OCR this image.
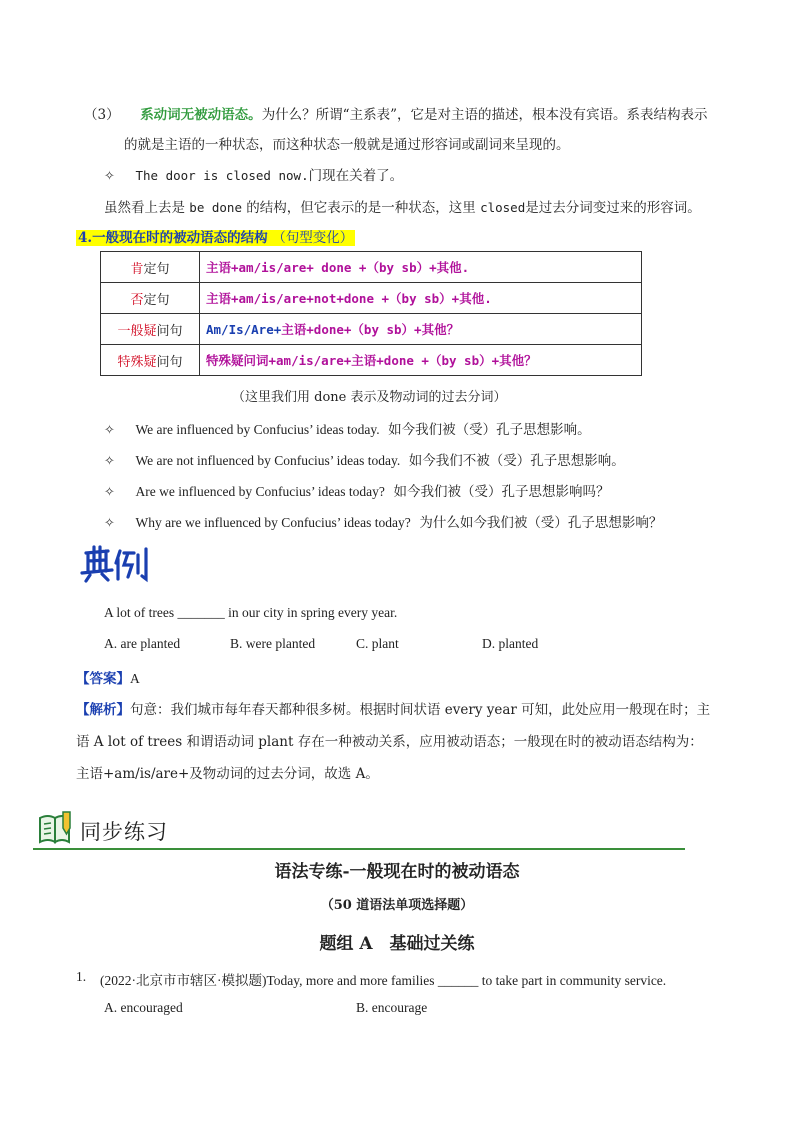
（3） 系动词无被动语态。为什么？所谓“主系表”，它是对主语的描述，根本没有宾语。系表结构表示
的就是主语的一种状态，而这种状态一般就是通过形容词或副词来呈现的。
✧ The door is closed now.门现在关着了。
虽然看上去是 be done 的结构，但它表示的是一种状态，这里 closed是过去分词变过来的形容词。
4.一般现在时的被动语态的结构 （句型变化）
肯定句	主语+am/is/are+ done +（by sb）+其他.
否定句	主语+am/is/are+not+done +（by sb）+其他.
一般疑问句	Am/Is/Are+主语+done+（by sb）+其他？
特殊疑问句	特殊疑问词+am/is/are+主语+done +（by sb）+其他？
（这里我们用 done 表示及物动词的过去分词）
✧ We are influenced by Confucius’ ideas today. 如今我们被（受）孔子思想影响。
✧ We are not influenced by Confucius’ ideas today. 如今我们不被（受）孔子思想影响。
✧ Are we influenced by Confucius’ ideas today? 如今我们被（受）孔子思想影响吗？
✧ Why are we influenced by Confucius’ ideas today? 为什么如今我们被（受）孔子思想影响？
A lot of trees _______ in our city in spring every year.
A. are planted	B. were planted	C. plant	D. planted
【答案】A
【解析】句意：我们城市每年春天都种很多树。根据时间状语 every year 可知，此处应用一般现在时；主
语 A lot of trees 和谓语动词 plant 存在一种被动关系，应用被动语态；一般现在时的被动语态结构为：
主语+am/is/are+及物动词的过去分词，故选 A。
同步练习
语法专练-一般现在时的被动语态
（50 道语法单项选择题）
题组 A　基础过关练
1. (2022·北京市市辖区·模拟题)Today, more and more families ______ to take part in community service.
A. encouraged	B. encourage
